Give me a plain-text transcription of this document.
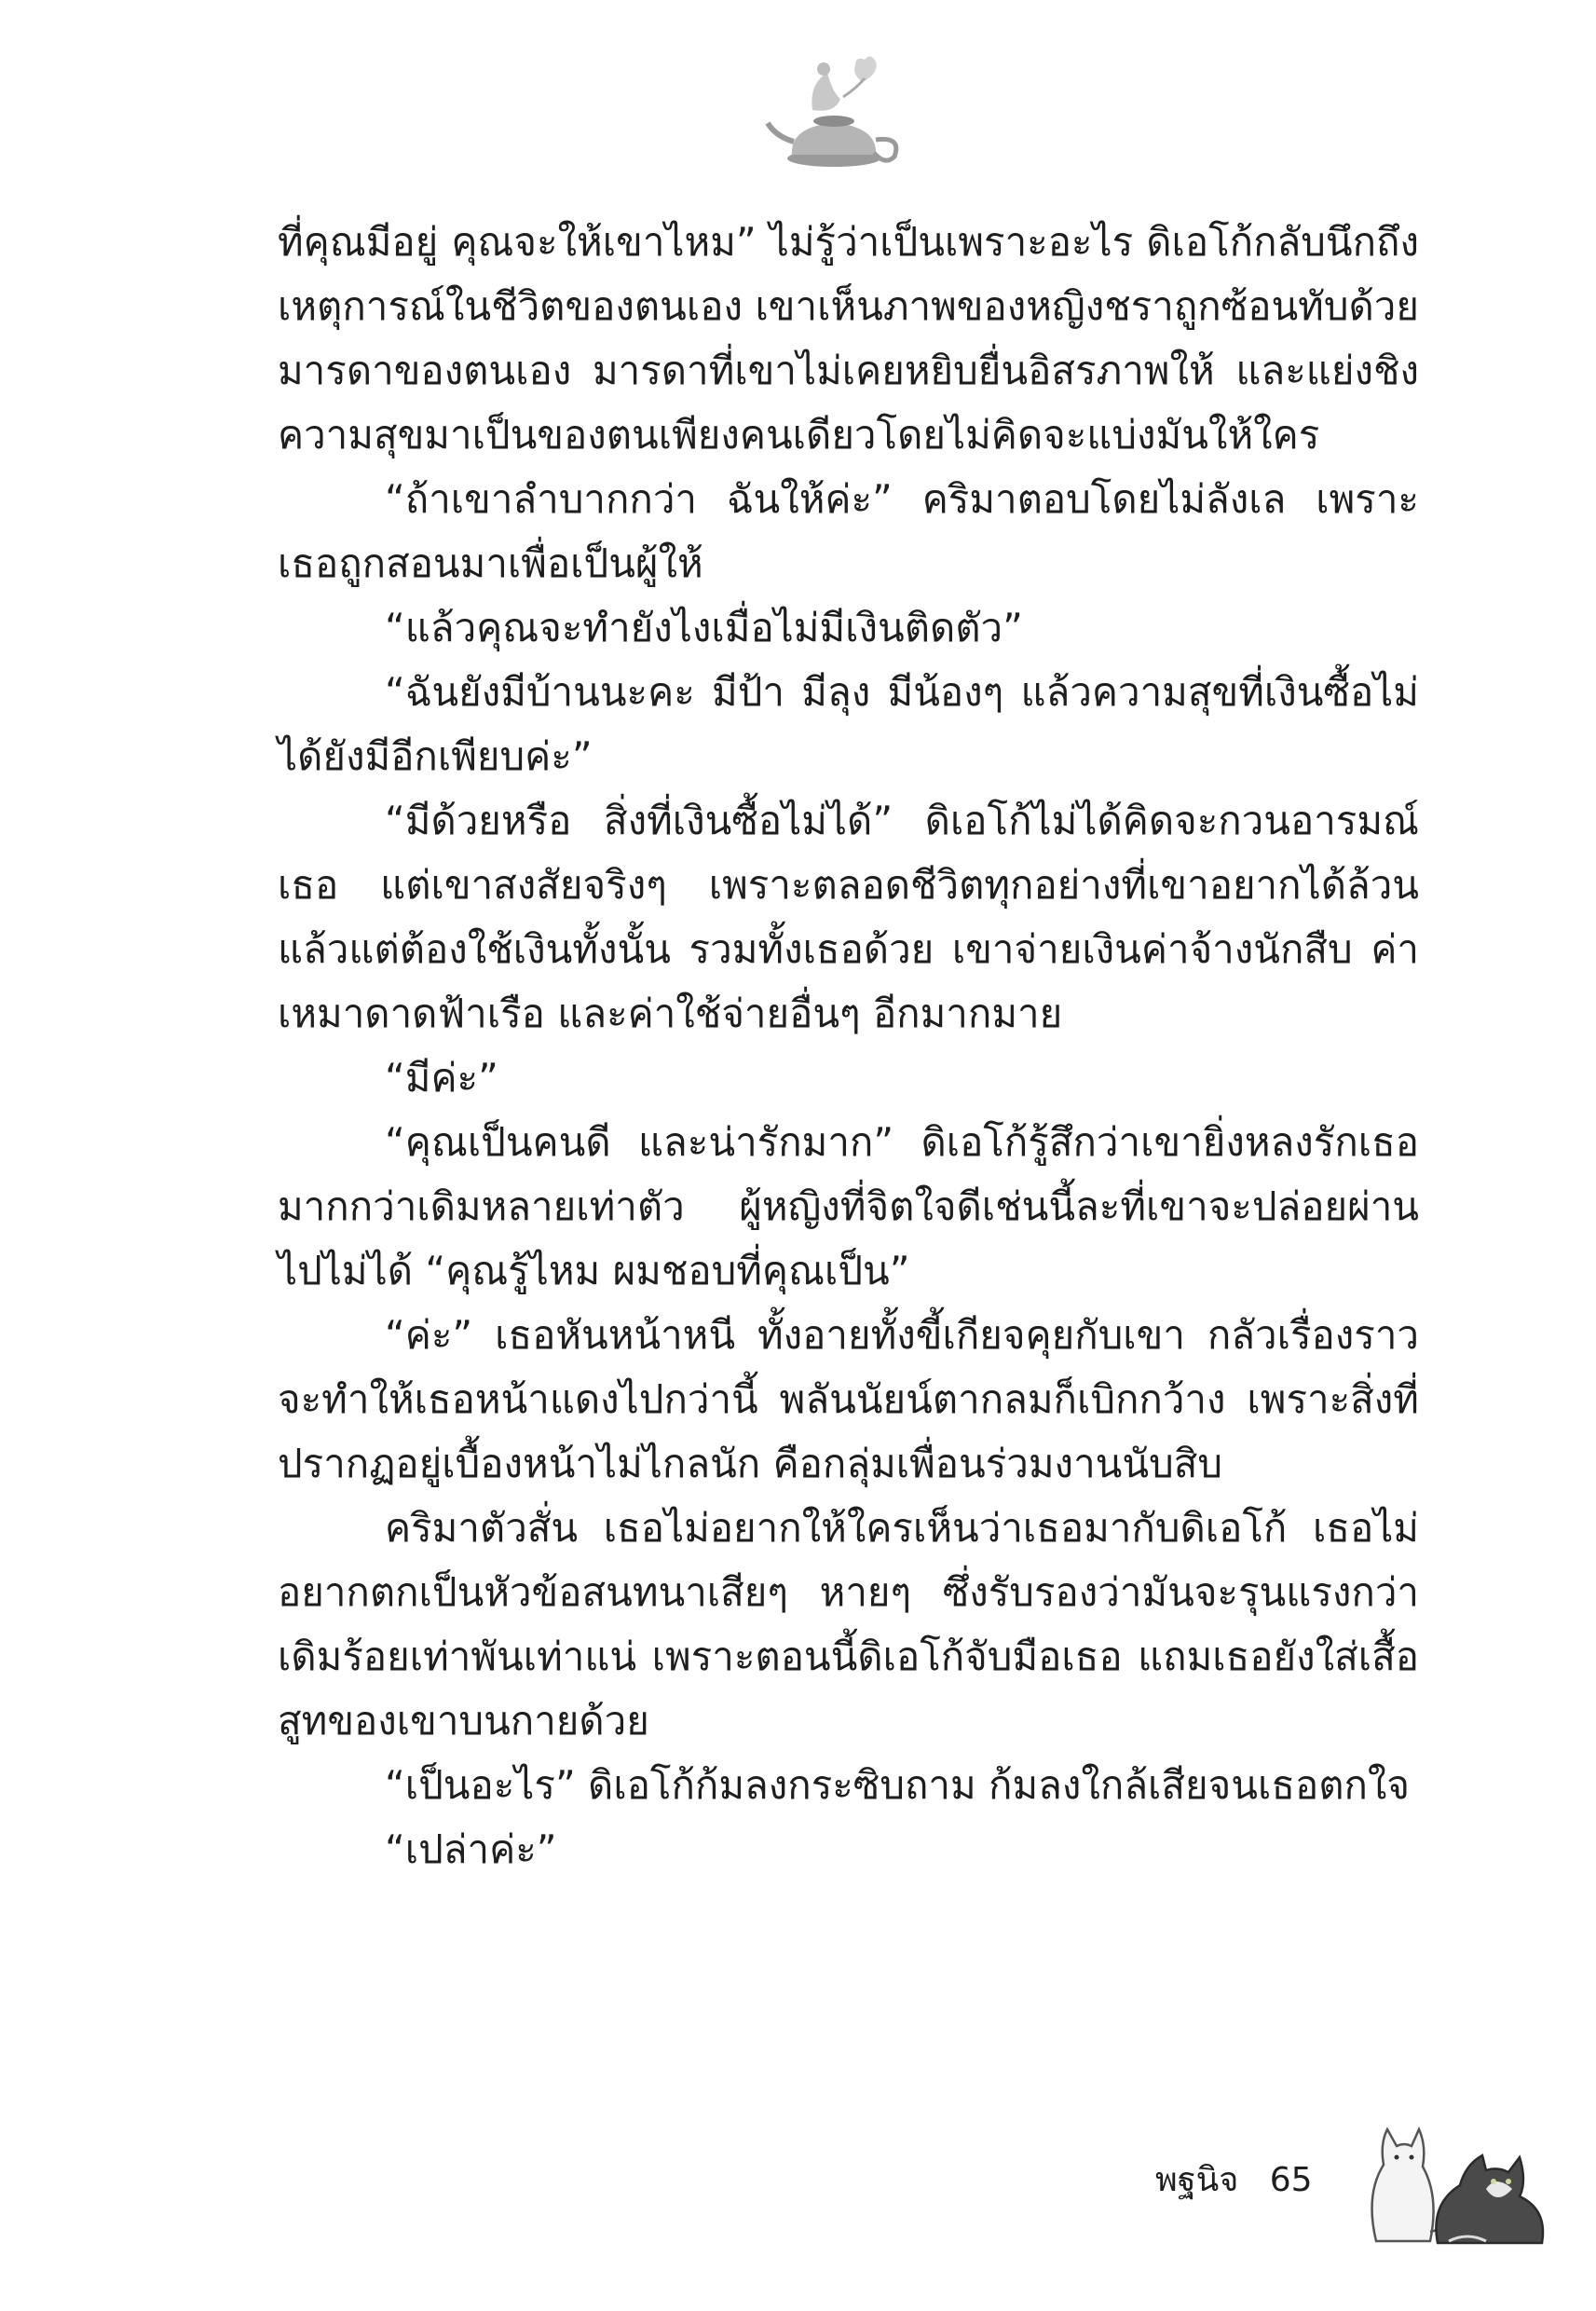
ที่คุณมีอยู่ คุณจะให้เขาไหม” ไม่รู้ว่าเป็นเพราะอะไร ดิเอโก้กลับนึกถึงเหตุการณ์ในชีวิตของตนเอง เขาเห็นภาพของหญิงชราถูกซ้อนทับด้วยมารดาของตนเอง มารดาที่เขาไม่เคยหยิบยื่นอิสรภาพให้ และแย่งชิงความสุขมาเป็นของตนเพียงคนเดียวโดยไม่คิดจะแบ่งมันให้ใคร

“ถ้าเขาลำบากกว่า ฉันให้ค่ะ” คริมาตอบโดยไม่ลังเล เพราะเธอถูกสอนมาเพื่อเป็นผู้ให้

“แล้วคุณจะทำยังไงเมื่อไม่มีเงินติดตัว”

“ฉันยังมีบ้านนะคะ มีป้า มีลุง มีน้องๆ แล้วความสุขที่เงินซื้อไม่ได้ยังมีอีกเพียบค่ะ”

“มีด้วยหรือ สิ่งที่เงินซื้อไม่ได้” ดิเอโก้ไม่ได้คิดจะกวนอารมณ์เธอ แต่เขาสงสัยจริงๆ เพราะตลอดชีวิตทุกอย่างที่เขาอยากได้ล้วนแล้วแต่ต้องใช้เงินทั้งนั้น รวมทั้งเธอด้วย เขาจ่ายเงินค่าจ้างนักสืบ ค่าเหมาดาดฟ้าเรือ และค่าใช้จ่ายอื่นๆ อีกมากมาย

“มีค่ะ”

“คุณเป็นคนดี และน่ารักมาก” ดิเอโก้รู้สึกว่าเขายิ่งหลงรักเธอมากกว่าเดิมหลายเท่าตัว ผู้หญิงที่จิตใจดีเช่นนี้ละที่เขาจะปล่อยผ่านไปไม่ได้ “คุณรู้ไหม ผมชอบที่คุณเป็น”

“ค่ะ” เธอหันหน้าหนี ทั้งอายทั้งขี้เกียจคุยกับเขา กลัวเรื่องราวจะทำให้เธอหน้าแดงไปกว่านี้ พลันนัยน์ตากลมก็เบิกกว้าง เพราะสิ่งที่ปรากฏอยู่เบื้องหน้าไม่ไกลนัก คือกลุ่มเพื่อนร่วมงานนับสิบ

คริมาตัวสั่น เธอไม่อยากให้ใครเห็นว่าเธอมากับดิเอโก้ เธอไม่อยากตกเป็นหัวข้อสนทนาเสียๆ หายๆ ซึ่งรับรองว่ามันจะรุนแรงกว่าเดิมร้อยเท่าพันเท่าแน่ เพราะตอนนี้ดิเอโก้จับมือเธอ แถมเธอยังใส่เสื้อสูทของเขาบนกายด้วย

“เป็นอะไร” ดิเอโก้ก้มลงกระซิบถาม ก้มลงใกล้เสียจนเธอตกใจ

“เปล่าค่ะ”

พฐนิจ 65
